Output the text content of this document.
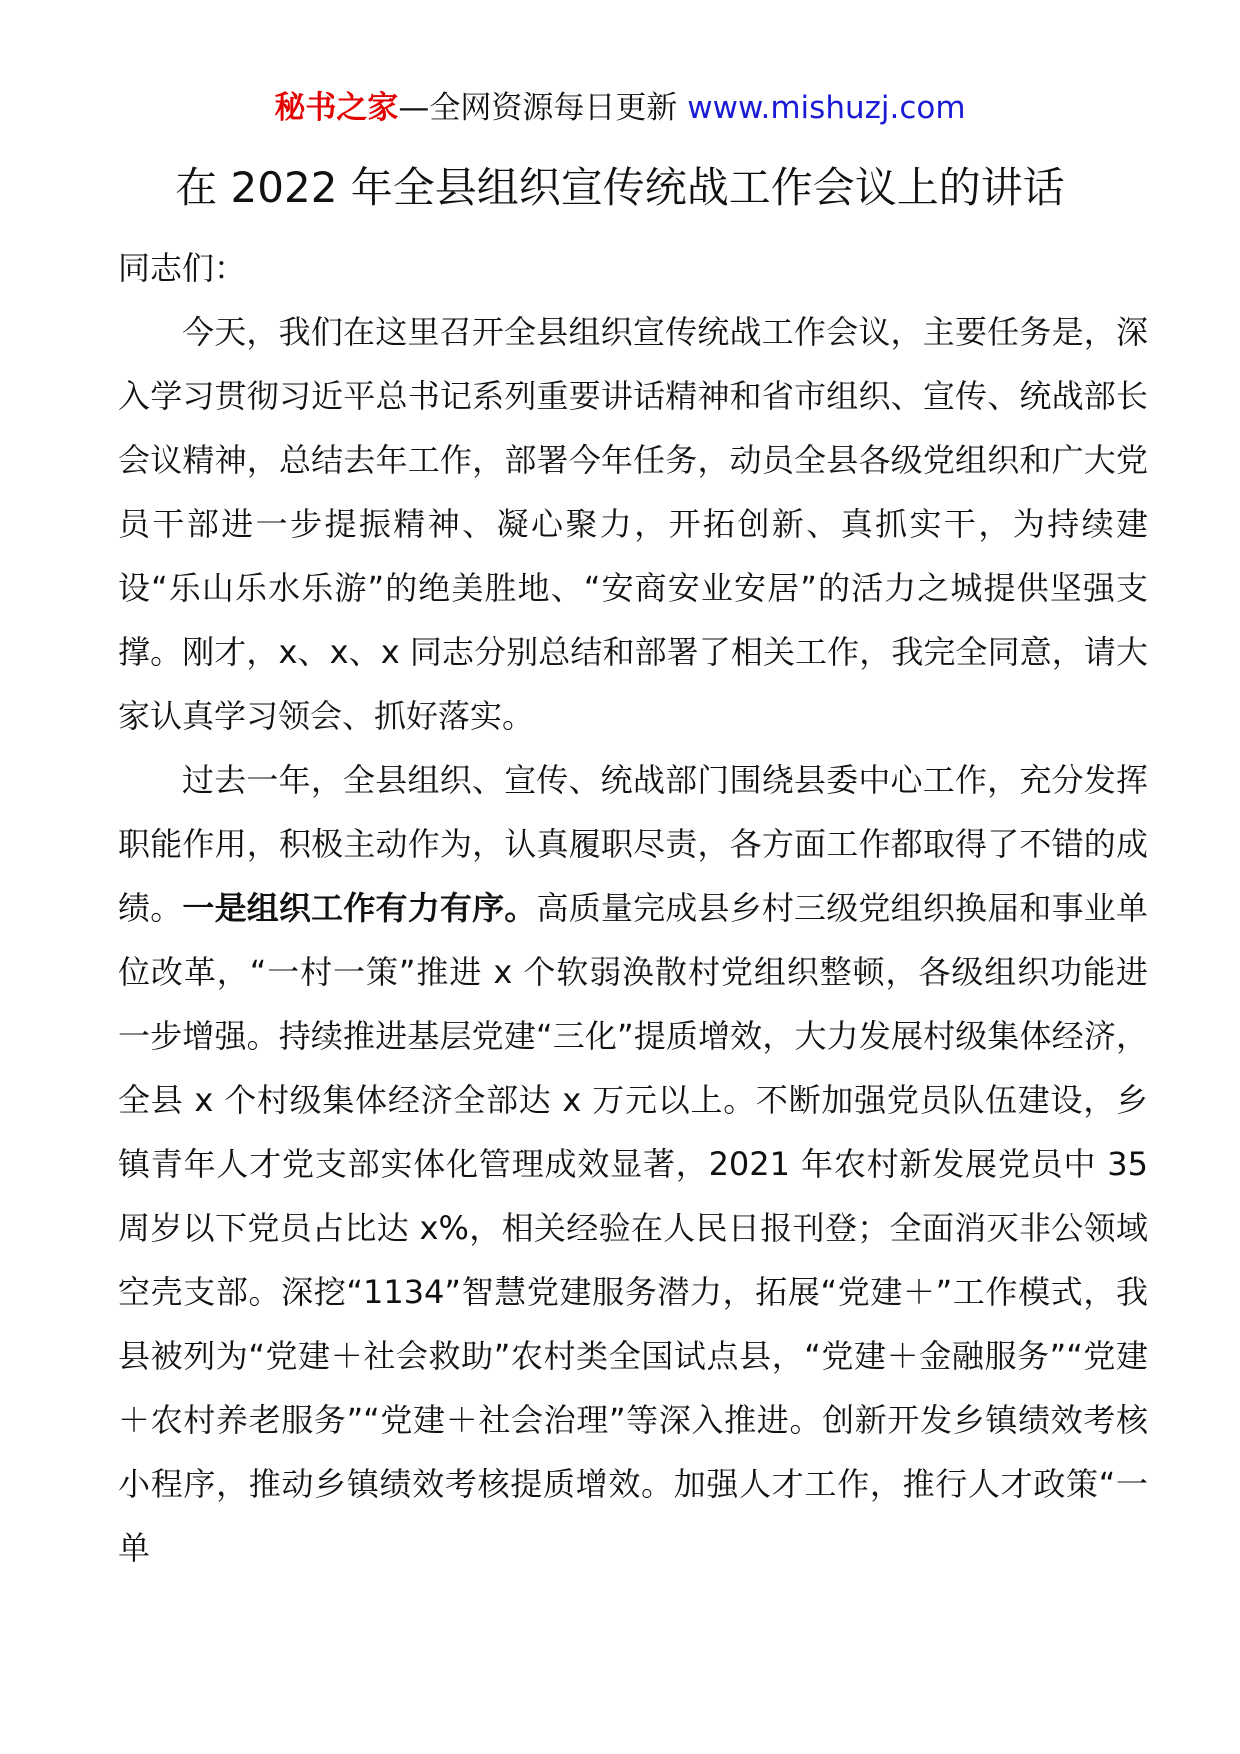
秘书之家—全网资源每日更新 www.mishuzj.com
在 2022 年全县组织宣传统战工作会议上的讲话

同志们：

今天，我们在这里召开全县组织宣传统战工作会议，主要任务是，深入学习贯彻习近平总书记系列重要讲话精神和省市组织、宣传、统战部长会议精神，总结去年工作，部署今年任务，动员全县各级党组织和广大党员干部进一步提振精神、凝心聚力，开拓创新、真抓实干，为持续建设“乐山乐水乐游”的绝美胜地、“安商安业安居”的活力之城提供坚强支撑。刚才，x、x、x 同志分别总结和部署了相关工作，我完全同意，请大家认真学习领会、抓好落实。

过去一年，全县组织、宣传、统战部门围绕县委中心工作，充分发挥职能作用，积极主动作为，认真履职尽责，各方面工作都取得了不错的成绩。一是组织工作有力有序。高质量完成县乡村三级党组织换届和事业单位改革，“一村一策”推进 x 个软弱涣散村党组织整顿，各级组织功能进一步增强。持续推进基层党建“三化”提质增效，大力发展村级集体经济，全县 x 个村级集体经济全部达 x 万元以上。不断加强党员队伍建设，乡镇青年人才党支部实体化管理成效显著，2021 年农村新发展党员中 35 周岁以下党员占比达 x%，相关经验在人民日报刊登；全面消灭非公领域空壳支部。深挖“1134”智慧党建服务潜力，拓展“党建＋”工作模式，我县被列为“党建＋社会救助”农村类全国试点县，“党建＋金融服务”“党建＋农村养老服务”“党建＋社会治理”等深入推进。创新开发乡镇绩效考核小程序，推动乡镇绩效考核提质增效。加强人才工作，推行人才政策“一单
